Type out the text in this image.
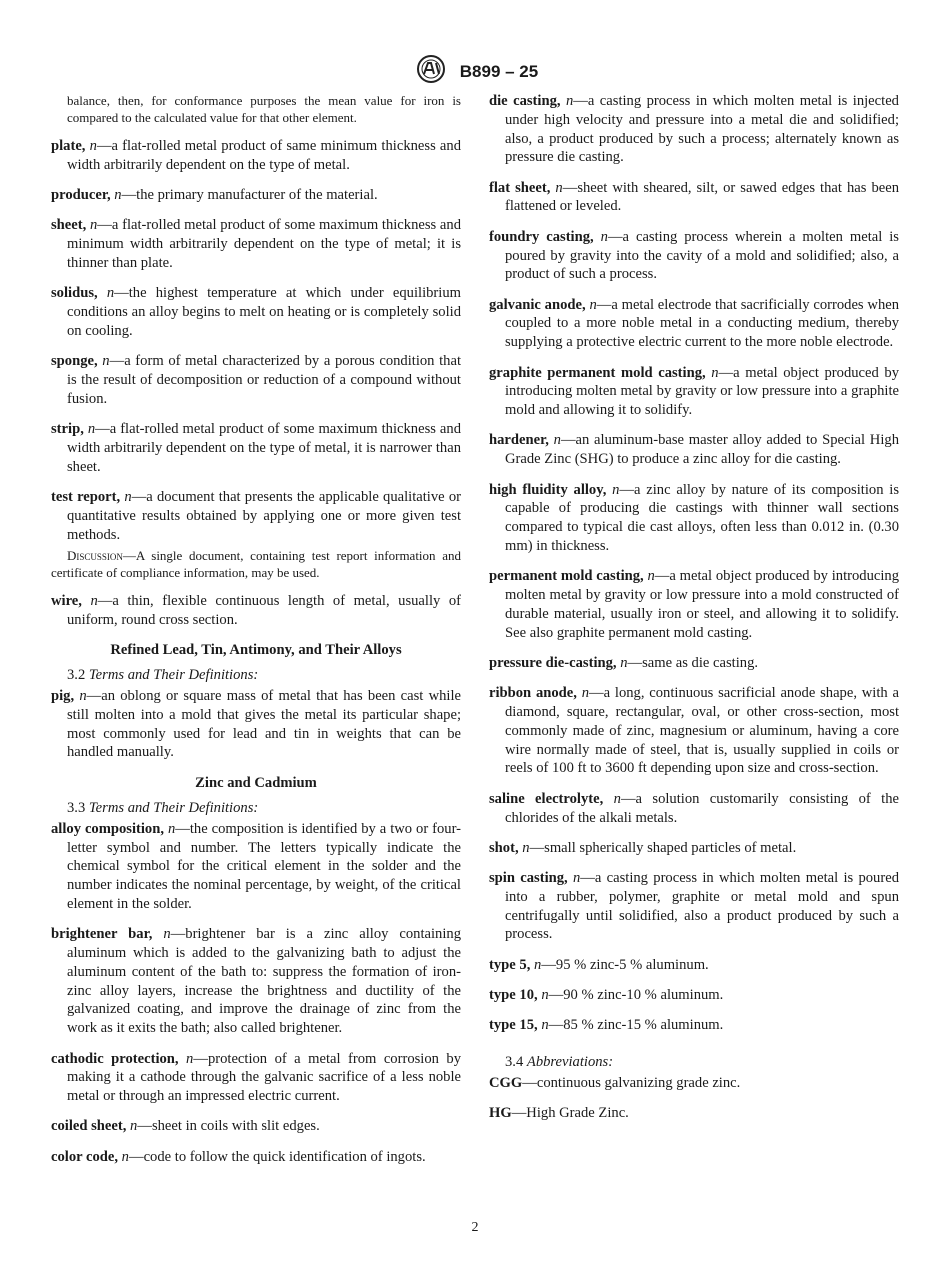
B899 – 25

balance, then, for conformance purposes the mean value for iron is compared to the calculated value for that other element.

plate, n—a flat-rolled metal product of same minimum thickness and width arbitrarily dependent on the type of metal.

producer, n—the primary manufacturer of the material.

sheet, n—a flat-rolled metal product of some maximum thickness and minimum width arbitrarily dependent on the type of metal; it is thinner than plate.

solidus, n—the highest temperature at which under equilibrium conditions an alloy begins to melt on heating or is completely solid on cooling.

sponge, n—a form of metal characterized by a porous condition that is the result of decomposition or reduction of a compound without fusion.

strip, n—a flat-rolled metal product of some maximum thickness and width arbitrarily dependent on the type of metal, it is narrower than sheet.

test report, n—a document that presents the applicable qualitative or quantitative results obtained by applying one or more given test methods.

Discussion—A single document, containing test report information and certificate of compliance information, may be used.

wire, n—a thin, flexible continuous length of metal, usually of uniform, round cross section.

Refined Lead, Tin, Antimony, and Their Alloys
3.2 Terms and Their Definitions:

pig, n—an oblong or square mass of metal that has been cast while still molten into a mold that gives the metal its particular shape; most commonly used for lead and tin in weights that can be handled manually.

Zinc and Cadmium
3.3 Terms and Their Definitions:

alloy composition, n—the composition is identified by a two or four-letter symbol and number. The letters typically indicate the chemical symbol for the critical element in the solder and the number indicates the nominal percentage, by weight, of the critical element in the solder.

brightener bar, n—brightener bar is a zinc alloy containing aluminum which is added to the galvanizing bath to adjust the aluminum content of the bath to: suppress the formation of iron-zinc alloy layers, increase the brightness and ductility of the galvanized coating, and improve the drainage of zinc from the work as it exits the bath; also called brightener.

cathodic protection, n—protection of a metal from corrosion by making it a cathode through the galvanic sacrifice of a less noble metal or through an impressed electric current.

coiled sheet, n—sheet in coils with slit edges.

color code, n—code to follow the quick identification of ingots.

die casting, n—a casting process in which molten metal is injected under high velocity and pressure into a metal die and solidified; also, a product produced by such a process; alternately known as pressure die casting.

flat sheet, n—sheet with sheared, silt, or sawed edges that has been flattened or leveled.

foundry casting, n—a casting process wherein a molten metal is poured by gravity into the cavity of a mold and solidified; also, a product of such a process.

galvanic anode, n—a metal electrode that sacrificially corrodes when coupled to a more noble metal in a conducting medium, thereby supplying a protective electric current to the more noble electrode.

graphite permanent mold casting, n—a metal object produced by introducing molten metal by gravity or low pressure into a graphite mold and allowing it to solidify.

hardener, n—an aluminum-base master alloy added to Special High Grade Zinc (SHG) to produce a zinc alloy for die casting.

high fluidity alloy, n—a zinc alloy by nature of its composition is capable of producing die castings with thinner wall sections compared to typical die cast alloys, often less than 0.012 in. (0.30 mm) in thickness.

permanent mold casting, n—a metal object produced by introducing molten metal by gravity or low pressure into a mold constructed of durable material, usually iron or steel, and allowing it to solidify. See also graphite permanent mold casting.

pressure die-casting, n—same as die casting.

ribbon anode, n—a long, continuous sacrificial anode shape, with a diamond, square, rectangular, oval, or other cross-section, most commonly made of zinc, magnesium or aluminum, having a core wire normally made of steel, that is, usually supplied in coils or reels of 100 ft to 3600 ft depending upon size and cross-section.

saline electrolyte, n—a solution customarily consisting of the chlorides of the alkali metals.

shot, n—small spherically shaped particles of metal.

spin casting, n—a casting process in which molten metal is poured into a rubber, polymer, graphite or metal mold and spun centrifugally until solidified, also a product produced by such a process.

type 5, n—95 % zinc-5 % aluminum.

type 10, n—90 % zinc-10 % aluminum.

type 15, n—85 % zinc-15 % aluminum.

3.4 Abbreviations:

CGG—continuous galvanizing grade zinc.

HG—High Grade Zinc.

2
